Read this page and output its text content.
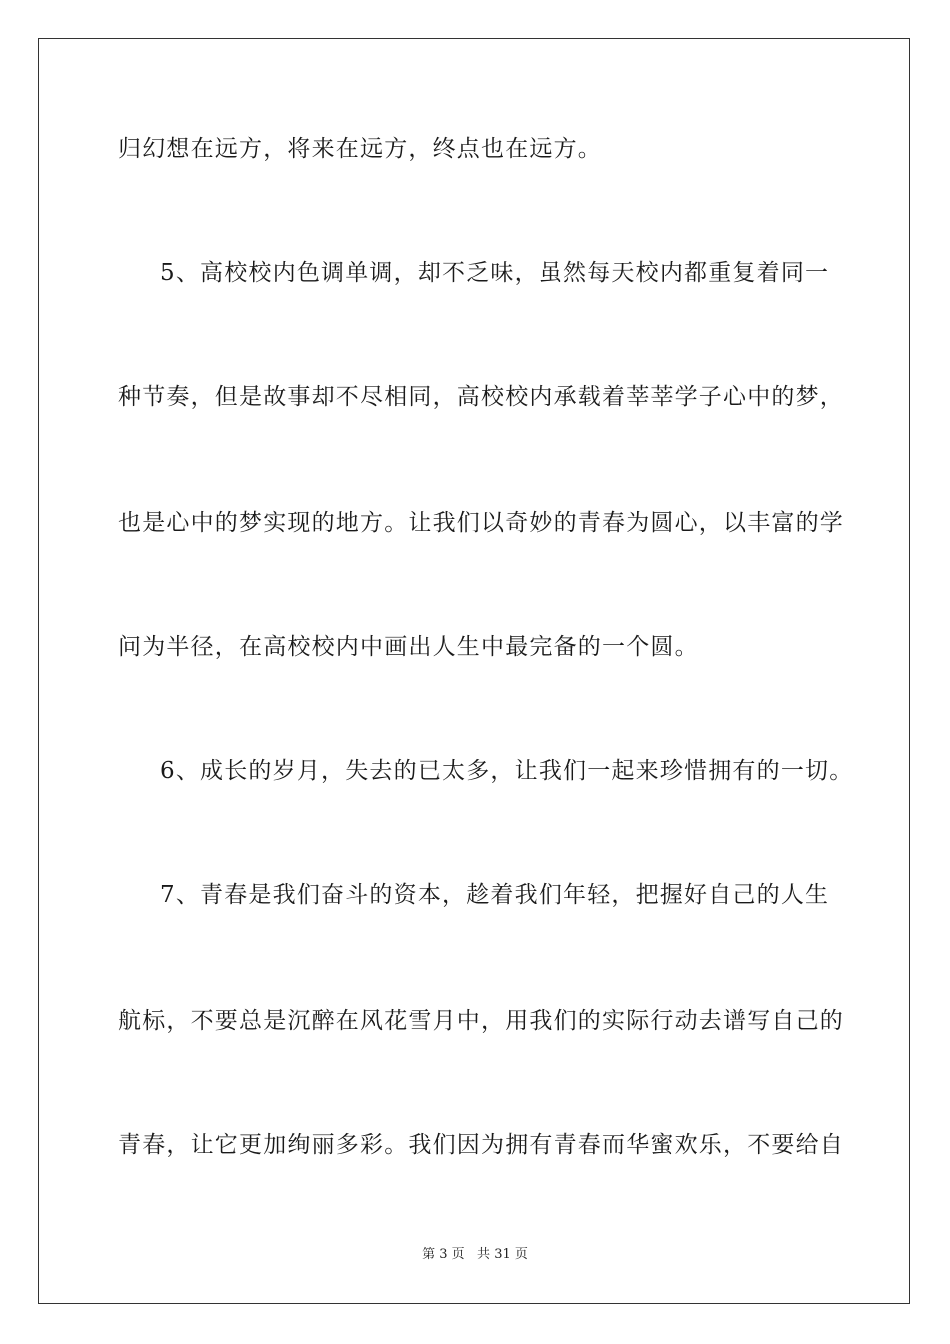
归幻想在远方，将来在远方，终点也在远方。
5、高校校内色调单调，却不乏味，虽然每天校内都重复着同一
种节奏，但是故事却不尽相同，高校校内承载着莘莘学子心中的梦，
也是心中的梦实现的地方。让我们以奇妙的青春为圆心，以丰富的学
问为半径，在高校校内中画出人生中最完备的一个圆。
6、成长的岁月，失去的已太多，让我们一起来珍惜拥有的一切。
7、青春是我们奋斗的资本，趁着我们年轻，把握好自己的人生
航标，不要总是沉醉在风花雪月中，用我们的实际行动去谱写自己的
青春，让它更加绚丽多彩。我们因为拥有青春而华蜜欢乐，不要给自
第 3 页   共 31 页
